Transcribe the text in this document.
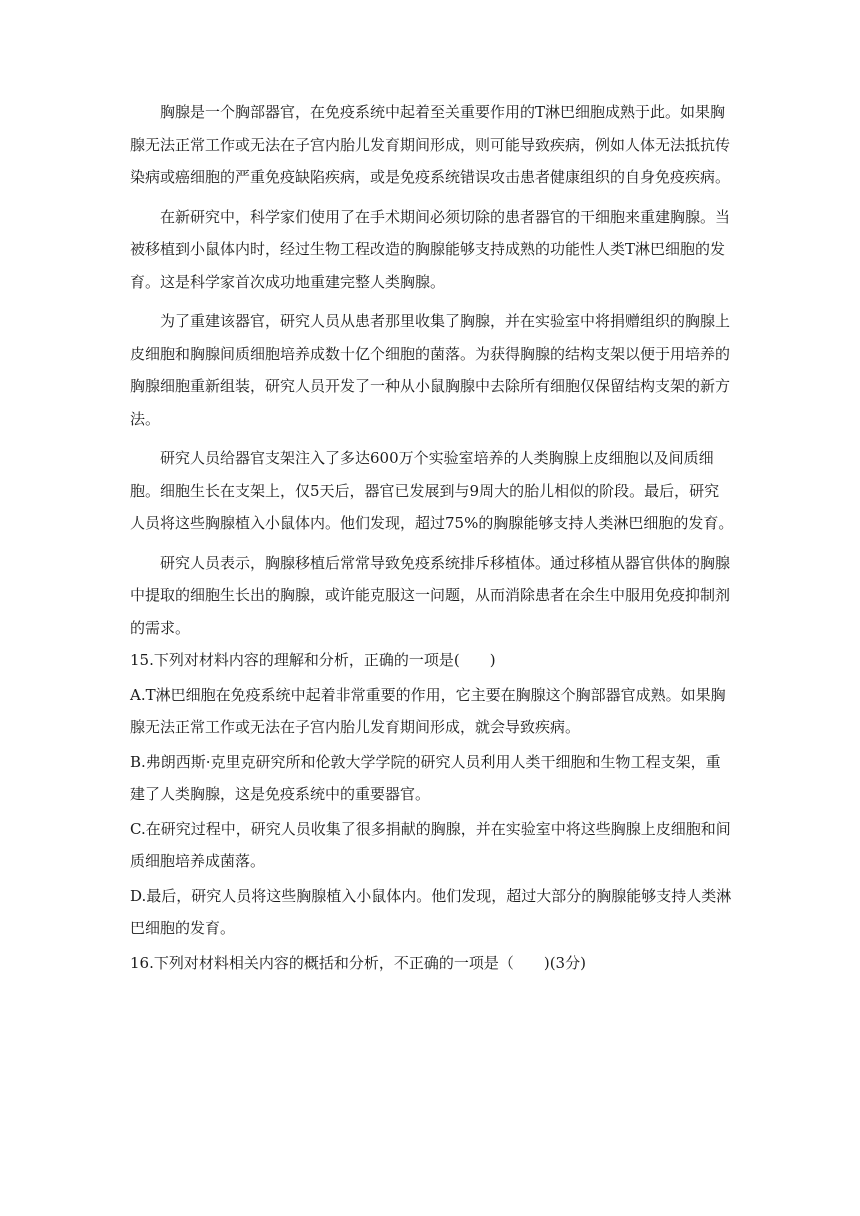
胸腺是一个胸部器官，在免疫系统中起着至关重要作用的T淋巴细胞成熟于此。如果胸
腺无法正常工作或无法在子宫内胎儿发育期间形成，则可能导致疾病，例如人体无法抵抗传
染病或癌细胞的严重免疫缺陷疾病，或是免疫系统错误攻击患者健康组织的自身免疫疾病。
在新研究中，科学家们使用了在手术期间必须切除的患者器官的干细胞来重建胸腺。当
被移植到小鼠体内时，经过生物工程改造的胸腺能够支持成熟的功能性人类T淋巴细胞的发
育。这是科学家首次成功地重建完整人类胸腺。
为了重建该器官，研究人员从患者那里收集了胸腺，并在实验室中将捐赠组织的胸腺上
皮细胞和胸腺间质细胞培养成数十亿个细胞的菌落。为获得胸腺的结构支架以便于用培养的
胸腺细胞重新组装，研究人员开发了一种从小鼠胸腺中去除所有细胞仅保留结构支架的新方
法。
研究人员给器官支架注入了多达600万个实验室培养的人类胸腺上皮细胞以及间质细
胞。细胞生长在支架上，仅5天后，器官已发展到与9周大的胎儿相似的阶段。最后，研究
人员将这些胸腺植入小鼠体内。他们发现，超过75%的胸腺能够支持人类淋巴细胞的发育。
研究人员表示，胸腺移植后常常导致免疫系统排斥移植体。通过移植从器官供体的胸腺
中提取的细胞生长出的胸腺，或许能克服这一问题，从而消除患者在余生中服用免疫抑制剂
的需求。
15.下列对材料内容的理解和分析，正确的一项是(　　)
A.T淋巴细胞在免疫系统中起着非常重要的作用，它主要在胸腺这个胸部器官成熟。如果胸
腺无法正常工作或无法在子宫内胎儿发育期间形成，就会导致疾病。
B.弗朗西斯·克里克研究所和伦敦大学学院的研究人员利用人类干细胞和生物工程支架，重
建了人类胸腺，这是免疫系统中的重要器官。
C.在研究过程中，研究人员收集了很多捐献的胸腺，并在实验室中将这些胸腺上皮细胞和间
质细胞培养成菌落。
D.最后，研究人员将这些胸腺植入小鼠体内。他们发现，超过大部分的胸腺能够支持人类淋
巴细胞的发育。
16.下列对材料相关内容的概括和分析，不正确的一项是（　　)(3分)
